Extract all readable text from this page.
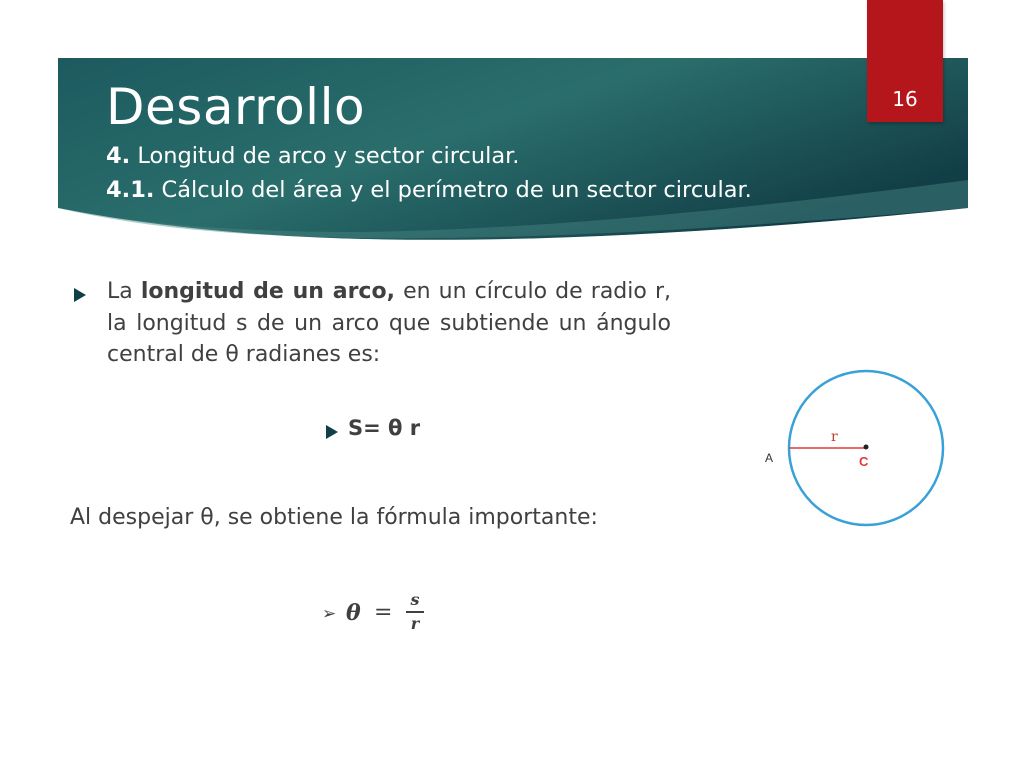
Desarrollo

4. Longitud de arco y sector circular.

4.1. Cálculo del área y el perímetro de un sector circular.

16

La longitud de un arco, en un círculo de radio r, la longitud s de un arco que subtiende un ángulo central de θ radianes es:

S= θ r

Al despejar θ, se obtiene la fórmula importante:

➢ θ =
s
r
r
C
A
